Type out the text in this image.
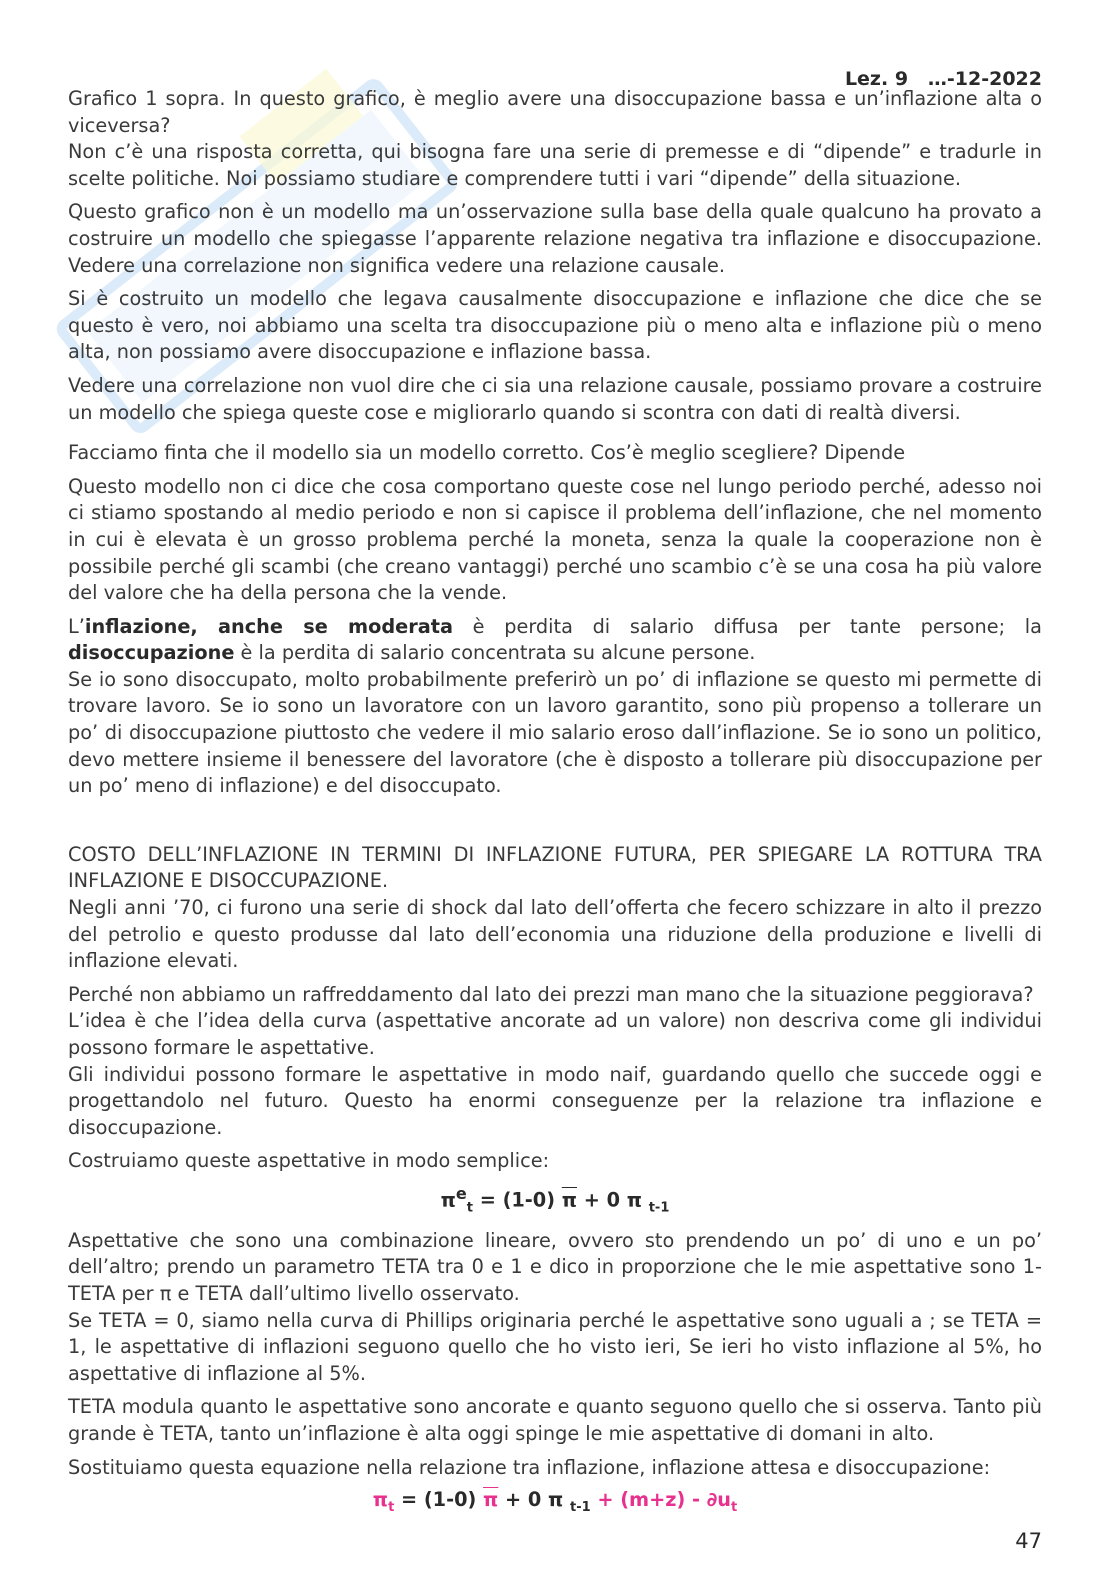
Lez. 9 …-12-2022

Grafico 1 sopra. In questo grafico, è meglio avere una disoccupazione bassa e un’inflazione alta o viceversa?

Non c’è una risposta corretta, qui bisogna fare una serie di premesse e di “dipende” e tradurle in scelte politiche. Noi possiamo studiare e comprendere tutti i vari “dipende” della situazione.

Questo grafico non è un modello ma un’osservazione sulla base della quale qualcuno ha provato a costruire un modello che spiegasse l’apparente relazione negativa tra inflazione e disoccupazione. Vedere una correlazione non significa vedere una relazione causale.

Si è costruito un modello che legava causalmente disoccupazione e inflazione che dice che se questo è vero, noi abbiamo una scelta tra disoccupazione più o meno alta e inflazione più o meno alta, non possiamo avere disoccupazione e inflazione bassa.

Vedere una correlazione non vuol dire che ci sia una relazione causale, possiamo provare a costruire un modello che spiega queste cose e migliorarlo quando si scontra con dati di realtà diversi.

Facciamo finta che il modello sia un modello corretto. Cos’è meglio scegliere? Dipende

Questo modello non ci dice che cosa comportano queste cose nel lungo periodo perché, adesso noi ci stiamo spostando al medio periodo e non si capisce il problema dell’inflazione, che nel momento in cui è elevata è un grosso problema perché la moneta, senza la quale la cooperazione non è possibile perché gli scambi (che creano vantaggi) perché uno scambio c’è se una cosa ha più valore del valore che ha della persona che la vende.

L’inflazione, anche se moderata è perdita di salario diffusa per tante persone; la disoccupazione è la perdita di salario concentrata su alcune persone.

Se io sono disoccupato, molto probabilmente preferirò un po’ di inflazione se questo mi permette di trovare lavoro. Se io sono un lavoratore con un lavoro garantito, sono più propenso a tollerare un po’ di disoccupazione piuttosto che vedere il mio salario eroso dall’inflazione. Se io sono un politico, devo mettere insieme il benessere del lavoratore (che è disposto a tollerare più disoccupazione per un po’ meno di inflazione) e del disoccupato.

COSTO DELL’INFLAZIONE IN TERMINI DI INFLAZIONE FUTURA, PER SPIEGARE LA ROTTURA TRA INFLAZIONE E DISOCCUPAZIONE.

Negli anni ’70, ci furono una serie di shock dal lato dell’offerta che fecero schizzare in alto il prezzo del petrolio e questo produsse dal lato dell’economia una riduzione della produzione e livelli di inflazione elevati.

Perché non abbiamo un raffreddamento dal lato dei prezzi man mano che la situazione peggiorava?

L’idea è che l’idea della curva (aspettative ancorate ad un valore) non descriva come gli individui possono formare le aspettative.

Gli individui possono formare le aspettative in modo naif, guardando quello che succede oggi e progettandolo nel futuro. Questo ha enormi conseguenze per la relazione tra inflazione e disoccupazione.

Costruiamo queste aspettative in modo semplice:

$\pi^e_t = (1-0) \overline{\pi} + 0$ π $_{t-1}$

Aspettative che sono una combinazione lineare, ovvero sto prendendo un po’ di uno e un po’ dell’altro; prendo un parametro TETA tra 0 e 1 e dico in proporzione che le mie aspettative sono 1-TETA per π e TETA dall’ultimo livello osservato.

Se TETA = 0, siamo nella curva di Phillips originaria perché le aspettative sono uguali a ; se TETA = 1, le aspettative di inflazioni seguono quello che ho visto ieri, Se ieri ho visto inflazione al 5%, ho aspettative di inflazione al 5%.

TETA modula quanto le aspettative sono ancorate e quanto seguono quello che si osserva. Tanto più grande è TETA, tanto un’inflazione è alta oggi spinge le mie aspettative di domani in alto.

Sostituiamo questa equazione nella relazione tra inflazione, inflazione attesa e disoccupazione:

$\pi_t = (1-0) \overline{\pi} + 0$ π $_{t-1} + (m+z) - \partial u_t$
47
